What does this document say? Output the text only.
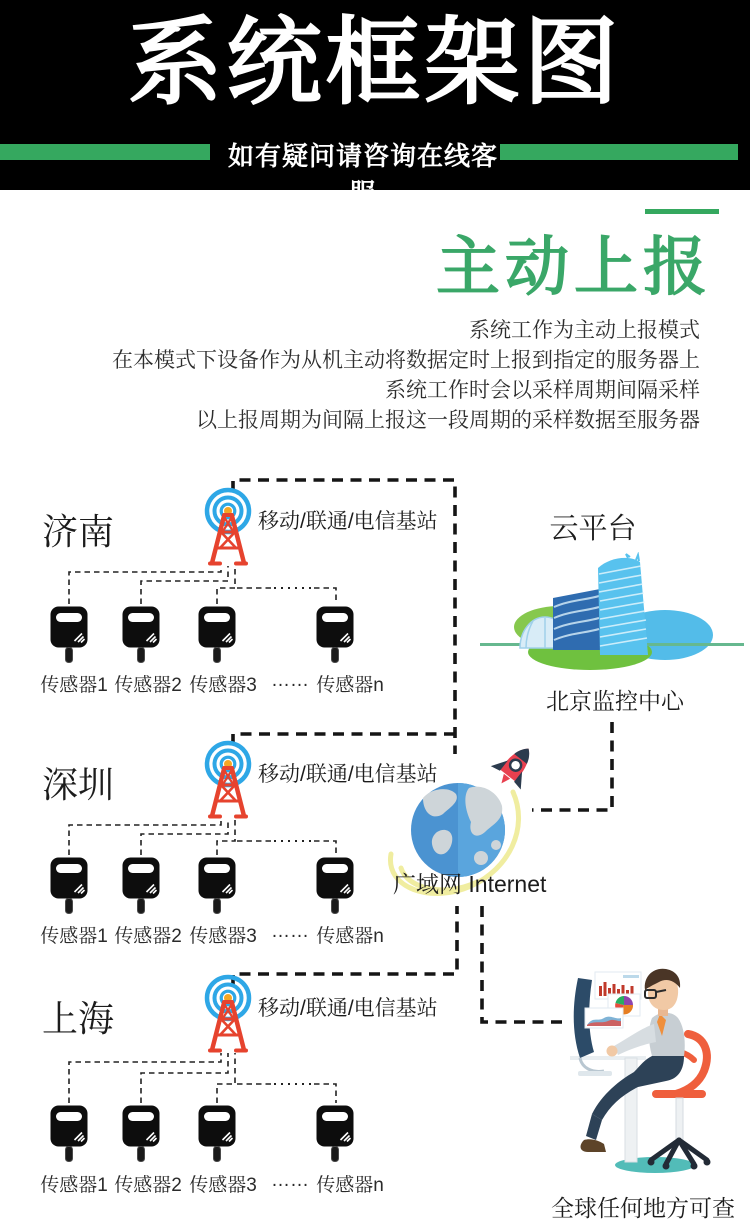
系统框架图
如有疑问请咨询在线客服
主动上报
系统工作为主动上报模式
在本模式下设备作为从机主动将数据定时上报到指定的服务器上
系统工作时会以采样周期间隔采样
以上报周期为间隔上报这一段周期的采样数据至服务器
济南	移动/联通/电信基站
深圳	移动/联通/电信基站
上海	移动/联通/电信基站
传感器1 传感器2 传感器3 …… 传感器n
传感器1 传感器2 传感器3 …… 传感器n
传感器1 传感器2 传感器3 …… 传感器n
云平台
北京监控中心
广域网 Internet
全球任何地方可查
